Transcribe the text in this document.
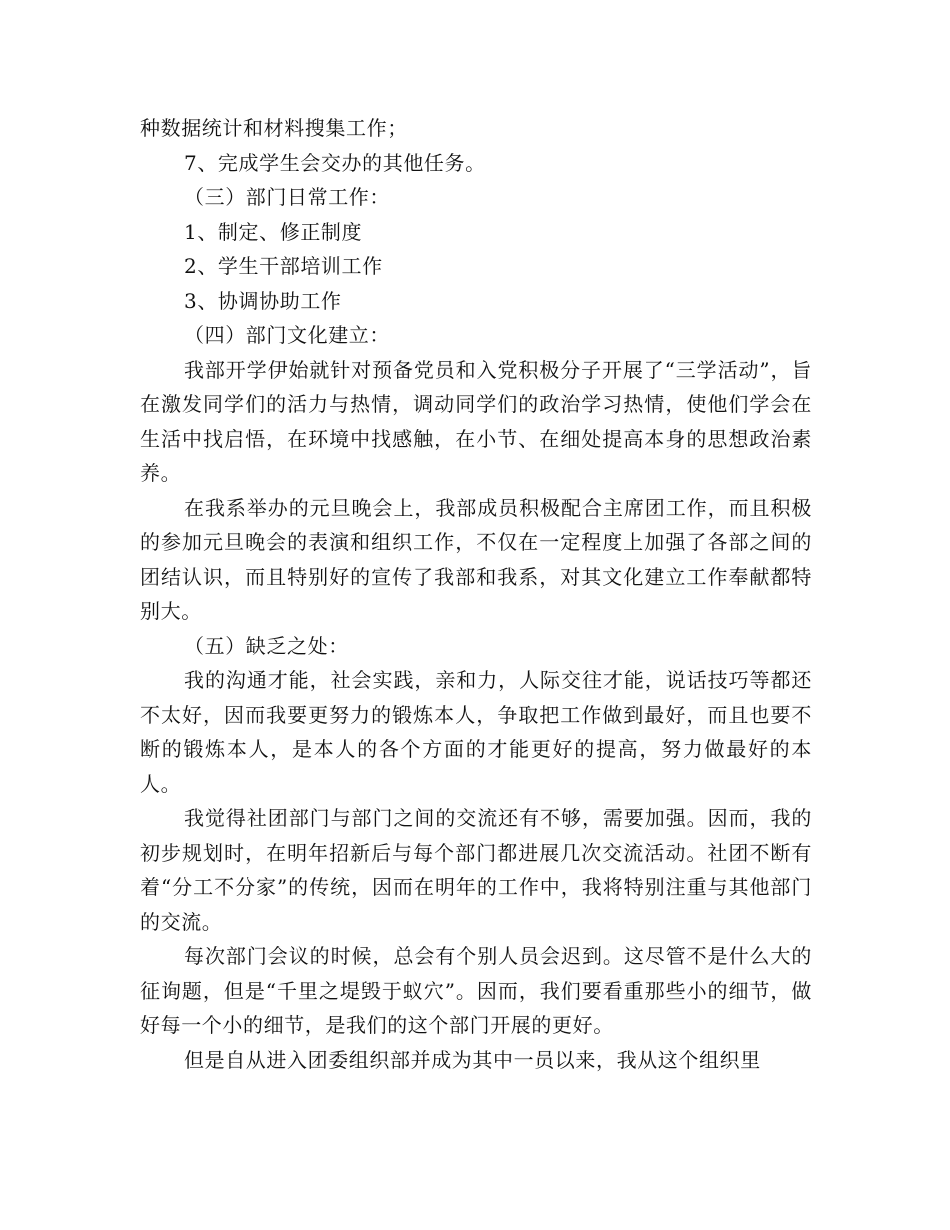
种数据统计和材料搜集工作；

7、完成学生会交办的其他任务。

（三）部门日常工作：

1、制定、修正制度

2、学生干部培训工作

3、协调协助工作

（四）部门文化建立：

我部开学伊始就针对预备党员和入党积极分子开展了“三学活动”，旨在激发同学们的活力与热情，调动同学们的政治学习热情，使他们学会在生活中找启悟，在环境中找感触，在小节、在细处提高本身的思想政治素养。

在我系举办的元旦晚会上，我部成员积极配合主席团工作，而且积极的参加元旦晚会的表演和组织工作，不仅在一定程度上加强了各部之间的团结认识，而且特别好的宣传了我部和我系，对其文化建立工作奉献都特别大。

（五）缺乏之处：

我的沟通才能，社会实践，亲和力，人际交往才能，说话技巧等都还不太好，因而我要更努力的锻炼本人，争取把工作做到最好，而且也要不断的锻炼本人，是本人的各个方面的才能更好的提高，努力做最好的本人。

我觉得社团部门与部门之间的交流还有不够，需要加强。因而，我的初步规划时，在明年招新后与每个部门都进展几次交流活动。社团不断有着“分工不分家”的传统，因而在明年的工作中，我将特别注重与其他部门的交流。

每次部门会议的时候，总会有个别人员会迟到。这尽管不是什么大的征询题，但是“千里之堤毁于蚁穴”。因而，我们要看重那些小的细节，做好每一个小的细节，是我们的这个部门开展的更好。

但是自从进入团委组织部并成为其中一员以来，我从这个组织里
